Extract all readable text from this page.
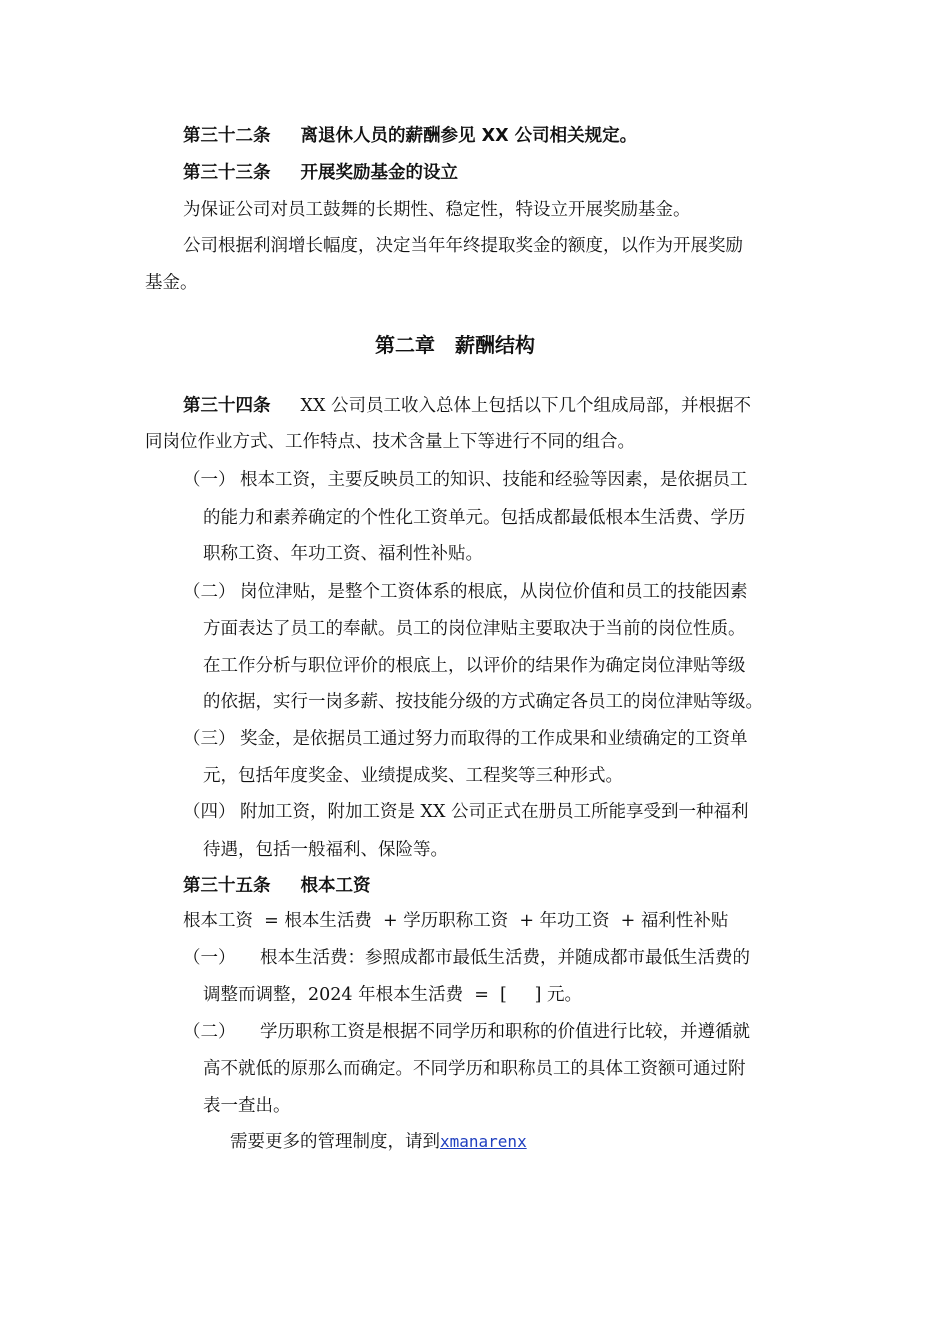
第三十二条 离退休人员的薪酬参见 XX 公司相关规定。
第三十三条 开展奖励基金的设立
为保证公司对员工鼓舞的长期性、稳定性，特设立开展奖励基金。
公司根据利润增长幅度，决定当年年终提取奖金的额度，以作为开展奖励
基金。
第二章　薪酬结构
第三十四条 XX 公司员工收入总体上包括以下几个组成局部，并根据不
同岗位作业方式、工作特点、技术含量上下等进行不同的组合。
（一） 根本工资，主要反映员工的知识、技能和经验等因素，是依据员工
的能力和素养确定的个性化工资单元。包括成都最低根本生活费、学历
职称工资、年功工资、福利性补贴。
（二） 岗位津贴，是整个工资体系的根底，从岗位价值和员工的技能因素
方面表达了员工的奉献。员工的岗位津贴主要取决于当前的岗位性质。
在工作分析与职位评价的根底上，以评价的结果作为确定岗位津贴等级
的依据，实行一岗多薪、按技能分级的方式确定各员工的岗位津贴等级。
（三） 奖金，是依据员工通过努力而取得的工作成果和业绩确定的工资单
元，包括年度奖金、业绩提成奖、工程奖等三种形式。
（四） 附加工资，附加工资是 XX 公司正式在册员工所能享受到一种福利
待遇，包括一般福利、保险等。
第三十五条 根本工资
根本工资  = 根本生活费  + 学历职称工资  + 年功工资  + 福利性补贴
（一） 根本生活费：参照成都市最低生活费，并随成都市最低生活费的
调整而调整，2024 年根本生活费  =  [     ] 元。
（二） 学历职称工资是根据不同学历和职称的价值进行比较，并遵循就
高不就低的原那么而确定。不同学历和职称员工的具体工资额可通过附
表一查出。
需要更多的管理制度，请到xmanarenx
